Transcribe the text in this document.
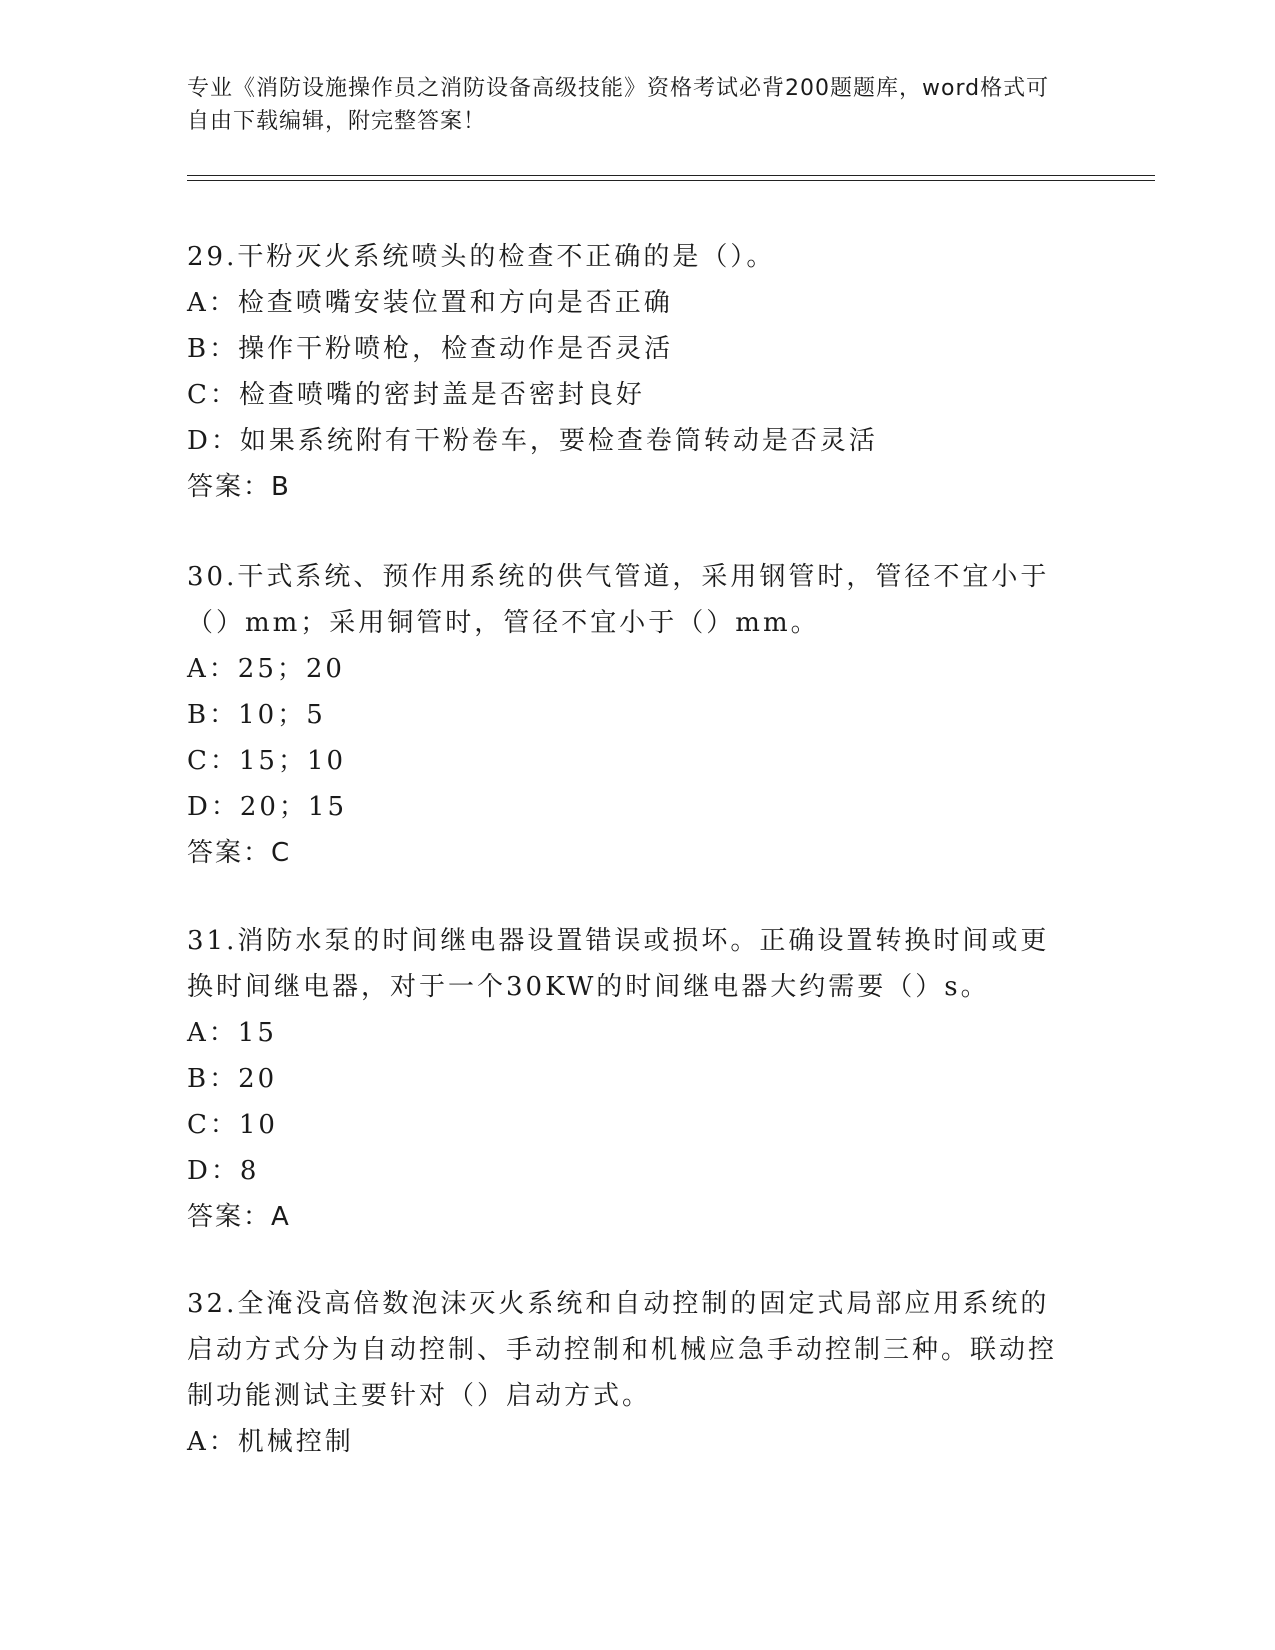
专业《消防设施操作员之消防设备高级技能》资格考试必背200题题库，word格式可自由下载编辑，附完整答案！
29.干粉灭火系统喷头的检查不正确的是（）。
A：检查喷嘴安装位置和方向是否正确
B：操作干粉喷枪，检查动作是否灵活
C：检查喷嘴的密封盖是否密封良好
D：如果系统附有干粉卷车，要检查卷筒转动是否灵活
答案：B
30.干式系统、预作用系统的供气管道，采用钢管时，管径不宜小于（）mm；采用铜管时，管径不宜小于（）mm。
A：25；20
B：10；5
C：15；10
D：20；15
答案：C
31.消防水泵的时间继电器设置错误或损坏。正确设置转换时间或更换时间继电器，对于一个30KW的时间继电器大约需要（）s。
A：15
B：20
C：10
D：8
答案：A
32.全淹没高倍数泡沫灭火系统和自动控制的固定式局部应用系统的启动方式分为自动控制、手动控制和机械应急手动控制三种。联动控制功能测试主要针对（）启动方式。
A：机械控制
